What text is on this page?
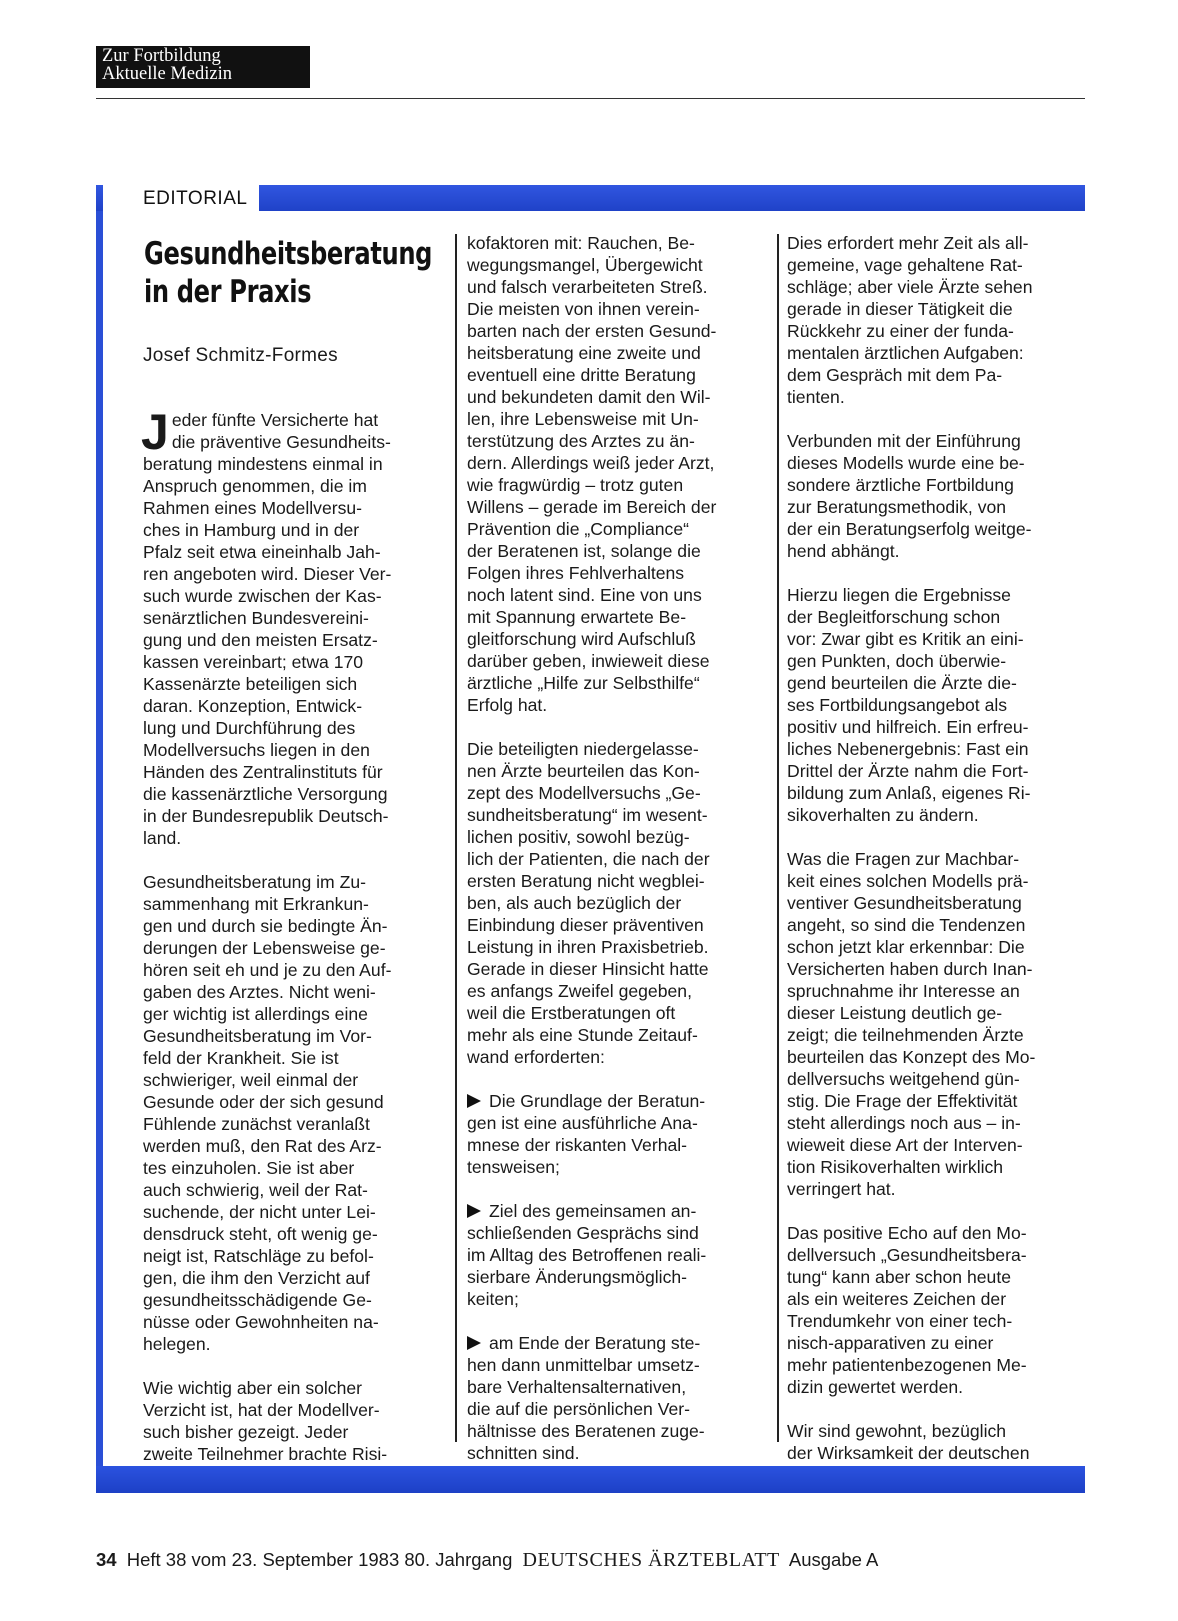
Zur Fortbildung
Aktuelle Medizin
EDITORIAL
Gesundheitsberatung
in der Praxis
Josef Schmitz-Formes

J eder fünfte Versicherte hat
die präventive Gesundheits-
beratung mindestens einmal in
Anspruch genommen, die im
Rahmen eines Modellversu-
ches in Hamburg und in der
Pfalz seit etwa eineinhalb Jah-
ren angeboten wird. Dieser Ver-
such wurde zwischen der Kas-
senärztlichen Bundesvereini-
gung und den meisten Ersatz-
kassen vereinbart; etwa 170
Kassenärzte beteiligen sich
daran. Konzeption, Entwick-
lung und Durchführung des
Modellversuchs liegen in den
Händen des Zentralinstituts für
die kassenärztliche Versorgung
in der Bundesrepublik Deutsch-
land.

Gesundheitsberatung im Zu-
sammenhang mit Erkrankun-
gen und durch sie bedingte Än-
derungen der Lebensweise ge-
hören seit eh und je zu den Auf-
gaben des Arztes. Nicht weni-
ger wichtig ist allerdings eine
Gesundheitsberatung im Vor-
feld der Krankheit. Sie ist
schwieriger, weil einmal der
Gesunde oder der sich gesund
Fühlende zunächst veranlaßt
werden muß, den Rat des Arz-
tes einzuholen. Sie ist aber
auch schwierig, weil der Rat-
suchende, der nicht unter Lei-
densdruck steht, oft wenig ge-
neigt ist, Ratschläge zu befol-
gen, die ihm den Verzicht auf
gesundheitsschädigende Ge-
nüsse oder Gewohnheiten na-
helegen.

Wie wichtig aber ein solcher
Verzicht ist, hat der Modellver-
such bisher gezeigt. Jeder
zweite Teilnehmer brachte Risi-

kofaktoren mit: Rauchen, Be-
wegungsmangel, Übergewicht
und falsch verarbeiteten Streß.
Die meisten von ihnen verein-
barten nach der ersten Gesund-
heitsberatung eine zweite und
eventuell eine dritte Beratung
und bekundeten damit den Wil-
len, ihre Lebensweise mit Un-
terstützung des Arztes zu än-
dern. Allerdings weiß jeder Arzt,
wie fragwürdig – trotz guten
Willens – gerade im Bereich der
Prävention die „Compliance“
der Beratenen ist, solange die
Folgen ihres Fehlverhaltens
noch latent sind. Eine von uns
mit Spannung erwartete Be-
gleitforschung wird Aufschluß
darüber geben, inwieweit diese
ärztliche „Hilfe zur Selbsthilfe“
Erfolg hat.

Die beteiligten niedergelasse-
nen Ärzte beurteilen das Kon-
zept des Modellversuchs „Ge-
sundheitsberatung“ im wesent-
lichen positiv, sowohl bezüg-
lich der Patienten, die nach der
ersten Beratung nicht wegblei-
ben, als auch bezüglich der
Einbindung dieser präventiven
Leistung in ihren Praxisbetrieb.
Gerade in dieser Hinsicht hatte
es anfangs Zweifel gegeben,
weil die Erstberatungen oft
mehr als eine Stunde Zeitauf-
wand erforderten:

Die Grundlage der Beratun-
gen ist eine ausführliche Ana-
mnese der riskanten Verhal-
tensweisen;

Ziel des gemeinsamen an-
schließenden Gesprächs sind
im Alltag des Betroffenen reali-
sierbare Änderungsmöglich-
keiten;

am Ende der Beratung ste-
hen dann unmittelbar umsetz-
bare Verhaltensalternativen,
die auf die persönlichen Ver-
hältnisse des Beratenen zuge-
schnitten sind.

Dies erfordert mehr Zeit als all-
gemeine, vage gehaltene Rat-
schläge; aber viele Ärzte sehen
gerade in dieser Tätigkeit die
Rückkehr zu einer der funda-
mentalen ärztlichen Aufgaben:
dem Gespräch mit dem Pa-
tienten.

Verbunden mit der Einführung
dieses Modells wurde eine be-
sondere ärztliche Fortbildung
zur Beratungsmethodik, von
der ein Beratungserfolg weitge-
hend abhängt.

Hierzu liegen die Ergebnisse
der Begleitforschung schon
vor: Zwar gibt es Kritik an eini-
gen Punkten, doch überwie-
gend beurteilen die Ärzte die-
ses Fortbildungsangebot als
positiv und hilfreich. Ein erfreu-
liches Nebenergebnis: Fast ein
Drittel der Ärzte nahm die Fort-
bildung zum Anlaß, eigenes Ri-
sikoverhalten zu ändern.

Was die Fragen zur Machbar-
keit eines solchen Modells prä-
ventiver Gesundheitsberatung
angeht, so sind die Tendenzen
schon jetzt klar erkennbar: Die
Versicherten haben durch Inan-
spruchnahme ihr Interesse an
dieser Leistung deutlich ge-
zeigt; die teilnehmenden Ärzte
beurteilen das Konzept des Mo-
dellversuchs weitgehend gün-
stig. Die Frage der Effektivität
steht allerdings noch aus – in-
wieweit diese Art der Interven-
tion Risikoverhalten wirklich
verringert hat.

Das positive Echo auf den Mo-
dellversuch „Gesundheitsbera-
tung“ kann aber schon heute
als ein weiteres Zeichen der
Trendumkehr von einer tech-
nisch-apparativen zu einer
mehr patientenbezogenen Me-
dizin gewertet werden.

Wir sind gewohnt, bezüglich
der Wirksamkeit der deutschen

34 Heft 38 vom 23. September 1983 80. Jahrgang DEUTSCHES ÄRZTEBLATT Ausgabe A
